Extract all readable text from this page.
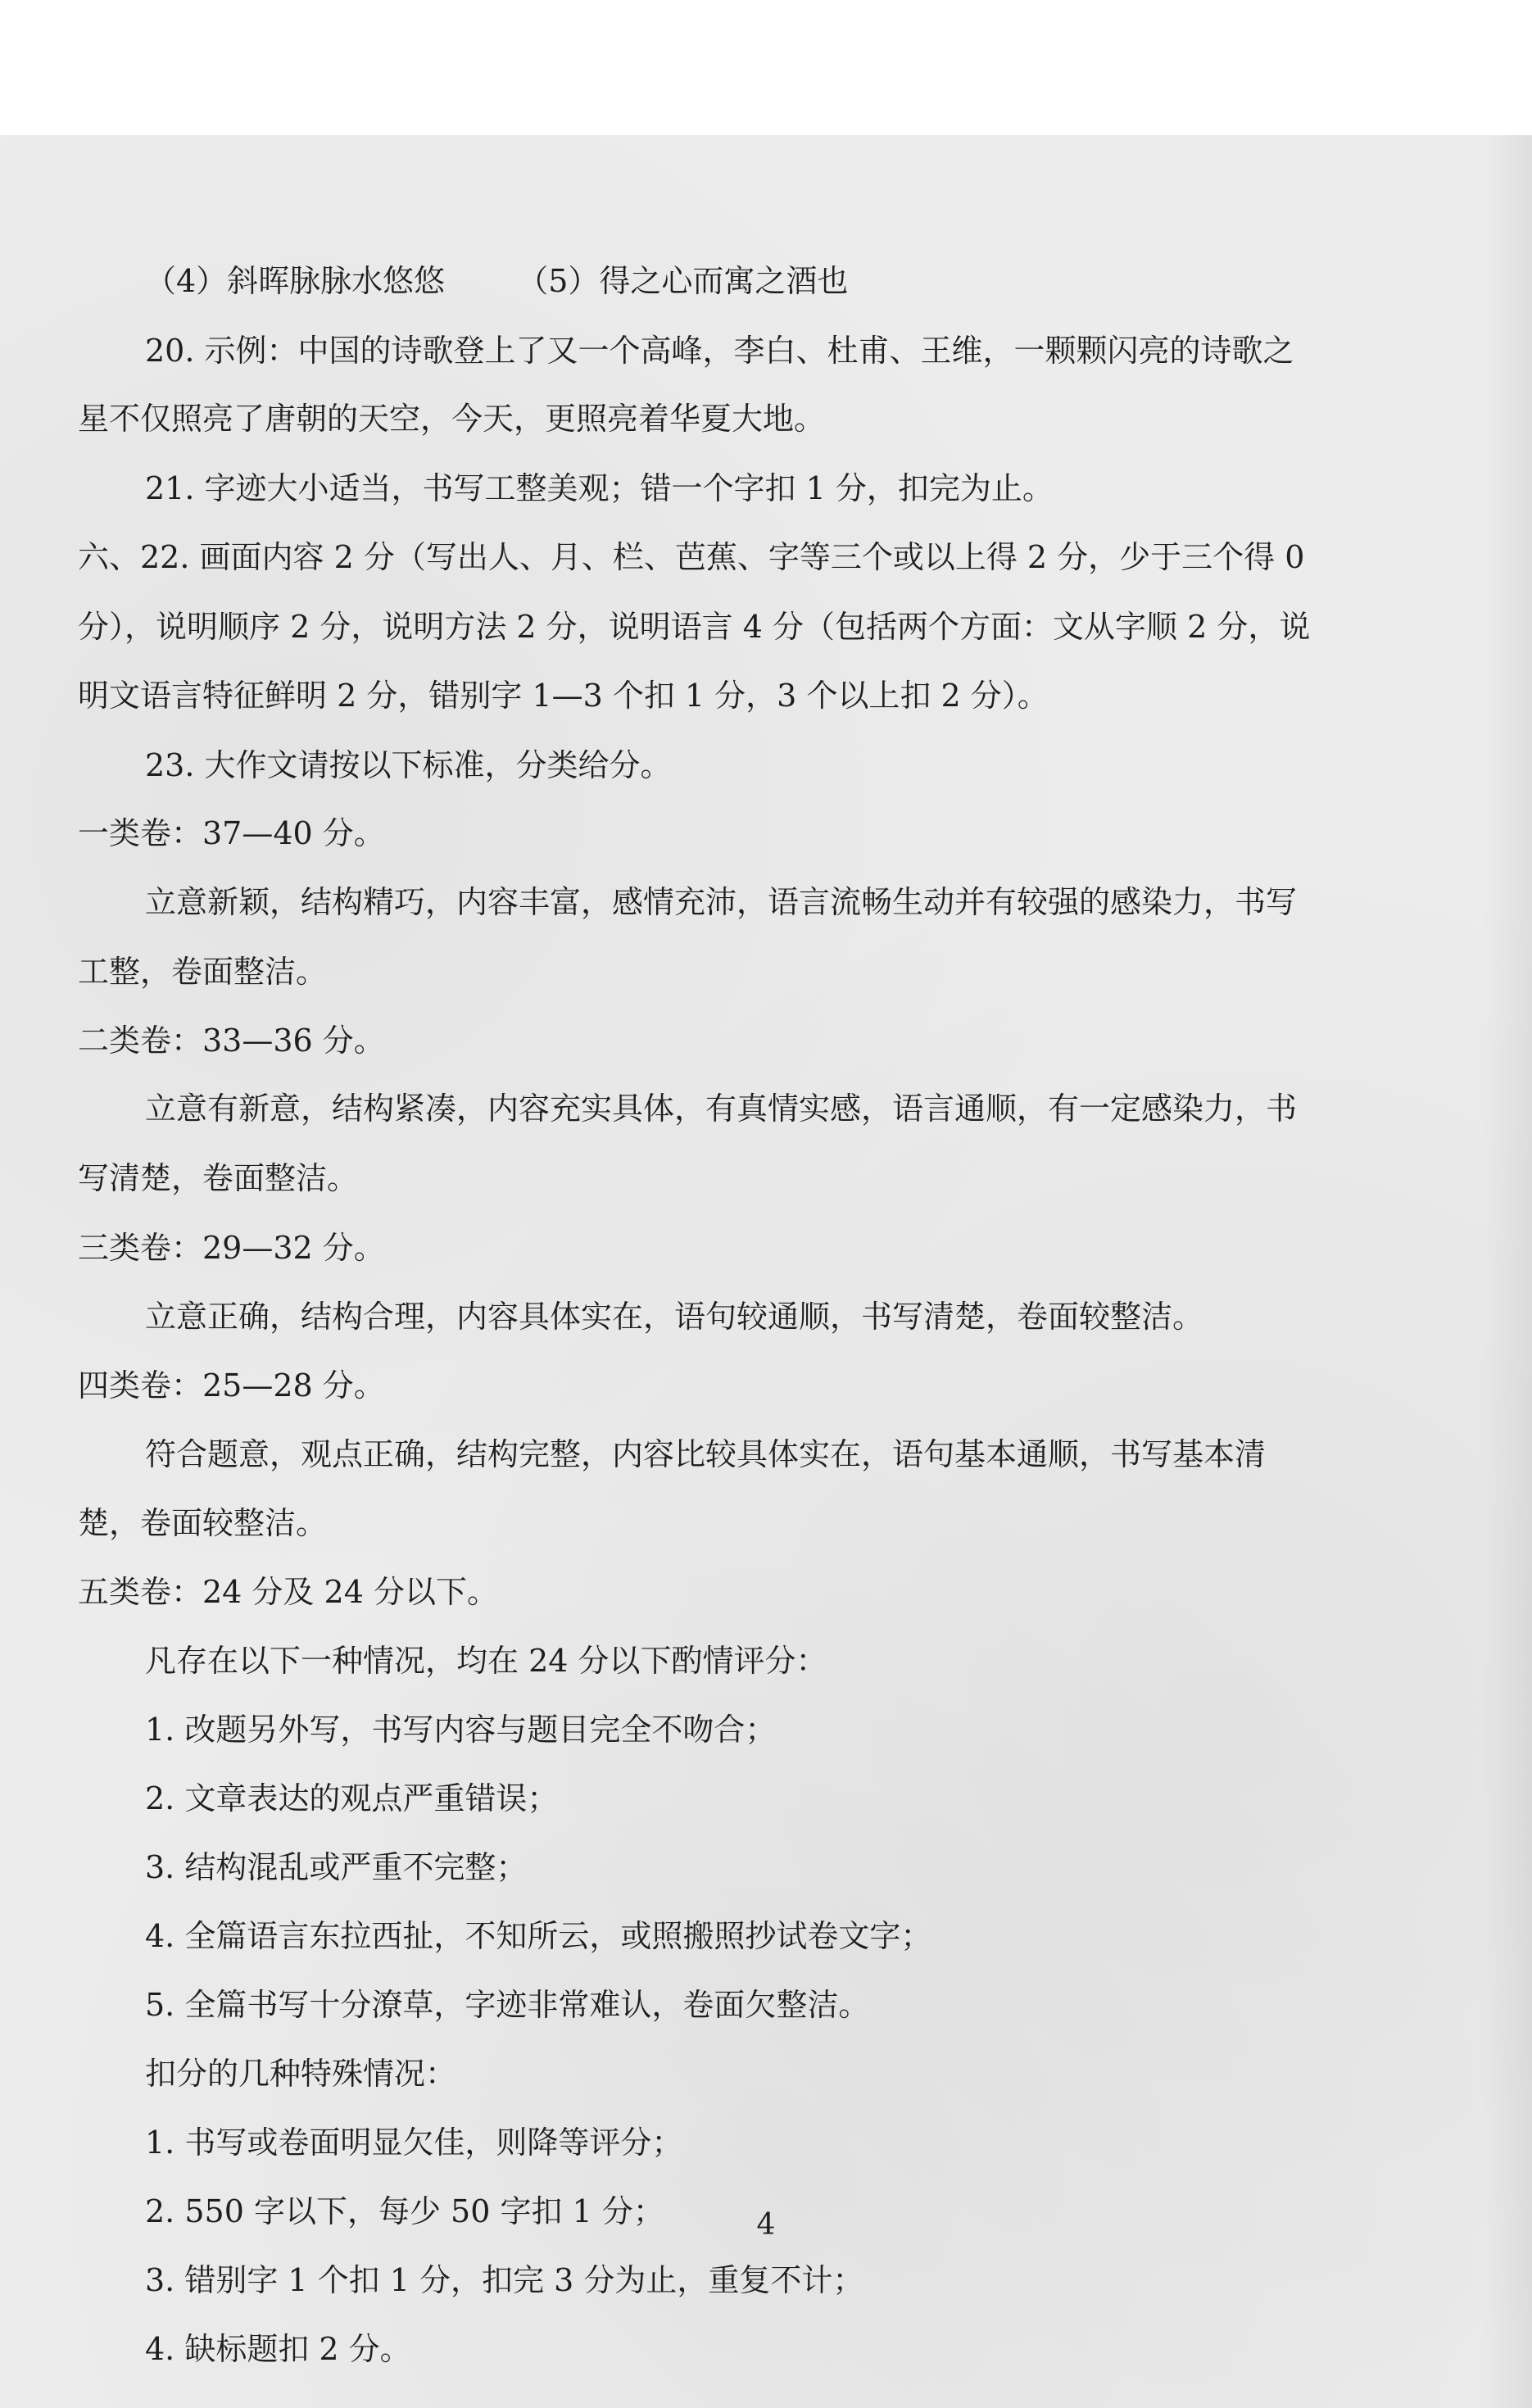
（4）斜晖脉脉水悠悠 （5）得之心而寓之酒也
20. 示例：中国的诗歌登上了又一个高峰，李白、杜甫、王维，一颗颗闪亮的诗歌之
星不仅照亮了唐朝的天空，今天，更照亮着华夏大地。
21. 字迹大小适当，书写工整美观；错一个字扣 1 分，扣完为止。
六、22. 画面内容 2 分（写出人、月、栏、芭蕉、字等三个或以上得 2 分，少于三个得 0
分），说明顺序 2 分，说明方法 2 分，说明语言 4 分（包括两个方面：文从字顺 2 分，说
明文语言特征鲜明 2 分，错别字 1—3 个扣 1 分，3 个以上扣 2 分）。
23. 大作文请按以下标准，分类给分。
一类卷：37—40 分。
立意新颖，结构精巧，内容丰富，感情充沛，语言流畅生动并有较强的感染力，书写
工整，卷面整洁。
二类卷：33—36 分。
立意有新意，结构紧凑，内容充实具体，有真情实感，语言通顺，有一定感染力，书
写清楚，卷面整洁。
三类卷：29—32 分。
立意正确，结构合理，内容具体实在，语句较通顺，书写清楚，卷面较整洁。
四类卷：25—28 分。
符合题意，观点正确，结构完整，内容比较具体实在，语句基本通顺，书写基本清
楚，卷面较整洁。
五类卷：24 分及 24 分以下。
凡存在以下一种情况，均在 24 分以下酌情评分：
1. 改题另外写，书写内容与题目完全不吻合；
2. 文章表达的观点严重错误；
3. 结构混乱或严重不完整；
4. 全篇语言东拉西扯，不知所云，或照搬照抄试卷文字；
5. 全篇书写十分潦草，字迹非常难认，卷面欠整洁。
扣分的几种特殊情况：
1. 书写或卷面明显欠佳，则降等评分；
2. 550 字以下，每少 50 字扣 1 分；
3. 错别字 1 个扣 1 分，扣完 3 分为止，重复不计；
4. 缺标题扣 2 分。
4
